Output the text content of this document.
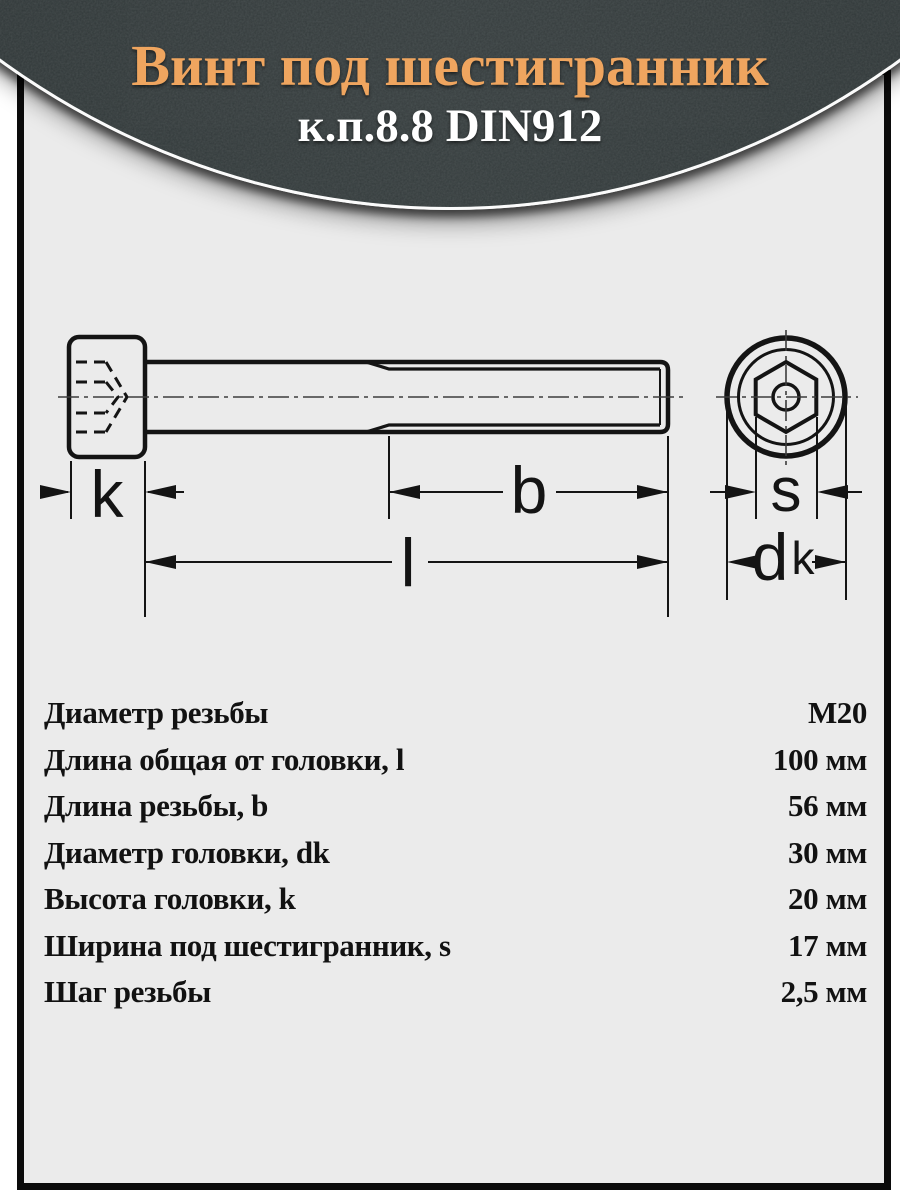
k	b
l
s
d k
Диаметр резьбы	М20
Длина общая от головки, l	100 мм
Длина резьбы, b	56 мм
Диаметр головки, dk	30 мм
Высота головки, k	20 мм
Ширина под шестигранник, s	17 мм
Шаг резьбы	2,5 мм
Винт под шестигранник
к.п.8.8 DIN912
